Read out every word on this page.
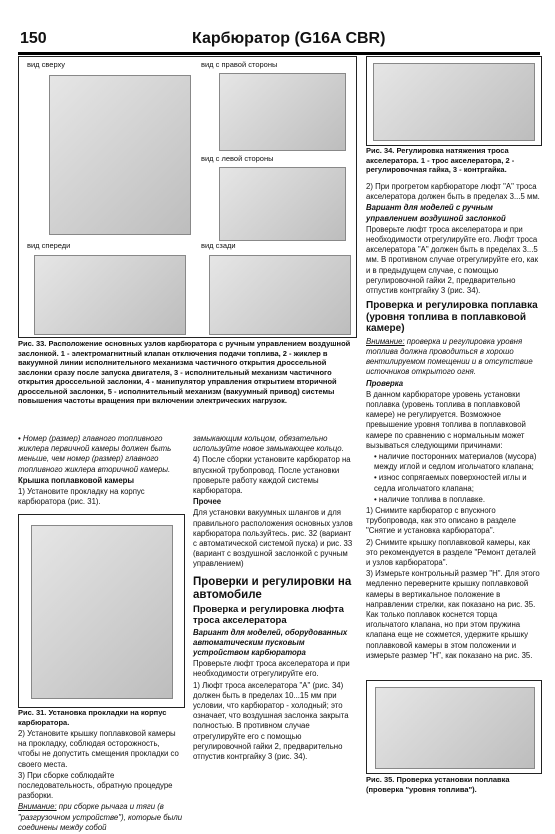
150	Карбюратор (G16A CBR)
вид сверху	вид с правой стороны
вид с левой стороны
вид спереди	вид сзади
Рис. 33. Расположение основных узлов карбюратора с ручным управлением воздушной заслонкой. 1 - электромагнитный клапан отключения подачи топлива, 2 - жиклер в вакуумной линии исполнительного механизма частичного открытия дроссельной заслонки сразу после запуска двигателя, 3 - исполнительный механизм частичного открытия дроссельной заслонки, 4 - манипулятор управления открытием вторичной дроссельной заслонки, 5 - исполнительный механизм (вакуумный привод) системы повышения частоты вращения при включении электрических нагрузок.
Рис. 34. Регулировка натяжения троса акселератора. 1 - трос акселератора, 2 - регулировочная гайка, 3 - контргайка.

• Номер (размер) главного топливного жиклера первичной камеры должен быть меньше, чем номер (размер) главного топливного жиклера вторичной камеры.

Крышка поплавковой камеры

1) Установите прокладку на корпус карбюратора (рис. 31).

Рис. 31. Установка прокладки на корпус карбюратора.

2) Установите крышку поплавковой камеры на прокладку, соблюдая осторожность, чтобы не допустить смещения прокладки со своего места.

3) При сборке соблюдайте последовательность, обратную процедуре разборки.

Внимание: при сборке рычага и тяги (в "разгрузочном устройстве"), которые были соединены между собой

замыкающим кольцом, обязательно используйте новое замыкающее кольцо.

4) После сборки установите карбюратор на впускной трубопровод. После установки проверьте работу каждой системы карбюратора.

Прочее

Для установки вакуумных шлангов и для правильного расположения основных узлов карбюратора пользуйтесь. рис. 32 (вариант с автоматической системой пуска) и рис. 33 (вариант с воздушной заслонкой с ручным управлением)

Проверки и регулировки на автомобиле
Проверка и регулировка люфта троса акселератора

Вариант для моделей, оборудованных автоматическим пусковым устройством карбюратора

Проверьте люфт троса акселератора и при необходимости отрегулируйте его.

1) Люфт троса акселератора "А" (рис. 34) должен быть в пределах 10...15 мм при условии, что карбюратор - холодный; это означает, что воздушная заслонка закрыта полностью. В противном случае отрегулируйте его с помощью регулировочной гайки 2, предварительно отпустив контргайку 3 (рис. 34).

2) При прогретом карбюраторе люфт "А" троса акселератора должен быть в пределах 3...5 мм.

Вариант для моделей с ручным управлением воздушной заслонкой

Проверьте люфт троса акселератора и при необходимости отрегулируйте его. Люфт троса акселератора "А" должен быть в пределах 3...5 мм. В противном случае отрегулируйте его, как и в предыдущем случае, с помощью регулировочной гайки 2, предварительно отпустив контргайку 3 (рис. 34).

Проверка и регулировка поплавка (уровня топлива в поплавковой камере)

Внимание: проверка и регулировка уровня топлива должна проводиться в хорошо вентилируемом помещении и в отсутствие источников открытого огня.

Проверка

В данном карбюраторе уровень установки поплавка (уровень топлива в поплавковой камере) не регулируется. Возможное превышение уровня топлива в поплавковой камере по сравнению с нормальным может вызываться следующими причинами:

• наличие посторонних материалов (мусора) между иглой и седлом игольчатого клапана;

• износ сопрягаемых поверхностей иглы и седла игольчатого клапана;

• наличие топлива в поплавке.

1) Снимите карбюратор с впускного трубопровода, как это описано в разделе "Снятие и установка карбюратора".

2) Снимите крышку поплавковой камеры, как это рекомендуется в разделе "Ремонт деталей и узлов карбюратора".

3) Измерьте контрольный размер "Н". Для этого медленно переверните крышку поплавковой камеры в вертикальное положение в направлении стрелки, как показано на рис. 35. Как только поплавок коснется торца игольчатого клапана, но при этом пружина клапана еще не сожмется, удержите крышку поплавковой камеры в этом положении и измерьте размер "Н", как показано на рис. 35.

Рис. 35. Проверка установки поплавка (проверка "уровня топлива").
